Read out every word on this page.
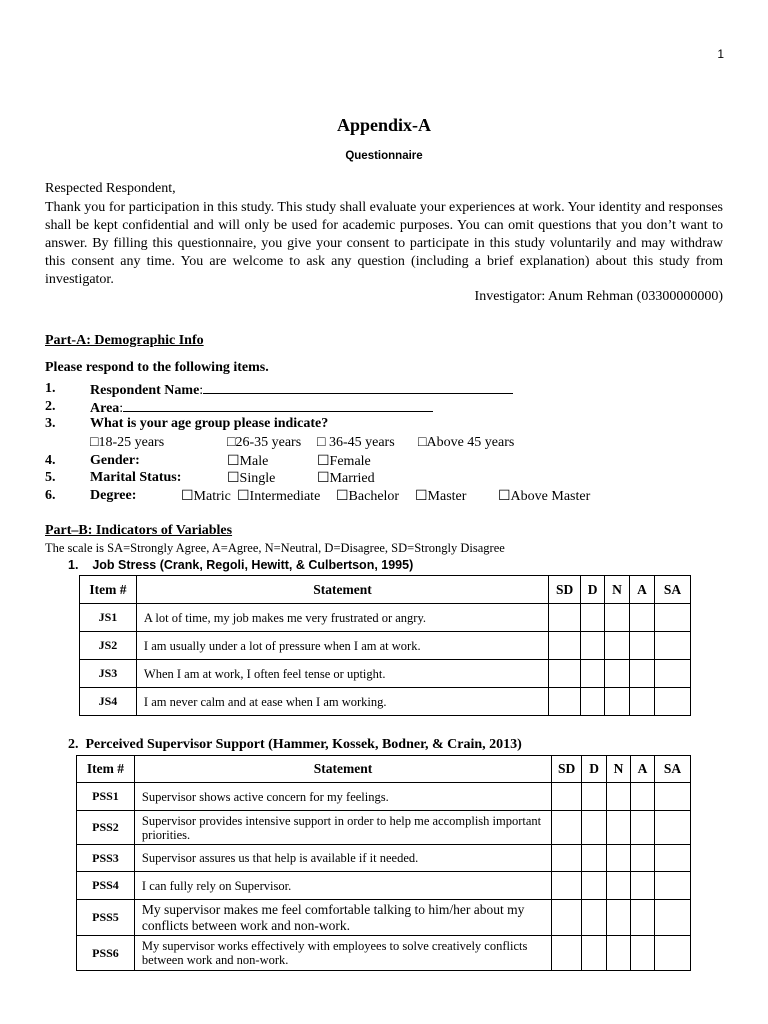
1
Appendix-A
Questionnaire
Respected Respondent,
Thank you for participation in this study. This study shall evaluate your experiences at work. Your identity and responses shall be kept confidential and will only be used for academic purposes. You can omit questions that you don’t want to answer. By filling this questionnaire, you give your consent to participate in this study voluntarily and may withdraw this consent any time. You are welcome to ask any question (including a brief explanation) about this study from investigator.
Investigator: Anum Rehman (03300000000)
Part-A: Demographic Info
Please respond to the following items.
1. Respondent Name:
2. Area:
3. What is your age group please indicate?
□18-25 years	□26-35 years □ 36-45 years □Above 45 years
4. Gender:	☐Male	☐Female
5. Marital Status:	☐Single	☐Married
6. Degree:	☐Matric ☐Intermediate ☐Bachelor ☐Master ☐Above Master
Part–B: Indicators of Variables
The scale is SA=Strongly Agree, A=Agree, N=Neutral, D=Disagree, SD=Strongly Disagree
1. Job Stress (Crank, Regoli, Hewitt, & Culbertson, 1995)
Item #	Statement	SD	D	N	A	SA
JS1	A lot of time, my job makes me very frustrated or angry.					
JS2	I am usually under a lot of pressure when I am at work.					
JS3	When I am at work, I often feel tense or uptight.					
JS4	I am never calm and at ease when I am working.					
2. Perceived Supervisor Support (Hammer, Kossek, Bodner, & Crain, 2013)
Item #	Statement	SD	D	N	A	SA
PSS1	Supervisor shows active concern for my feelings.					
PSS2	Supervisor provides intensive support in order to help me accomplish important priorities.					
PSS3	Supervisor assures us that help is available if it needed.					
PSS4	I can fully rely on Supervisor.					
PSS5	My supervisor makes me feel comfortable talking to him/her about my conflicts between work and non-work.					
PSS6	My supervisor works effectively with employees to solve creatively conflicts between work and non-work.					
